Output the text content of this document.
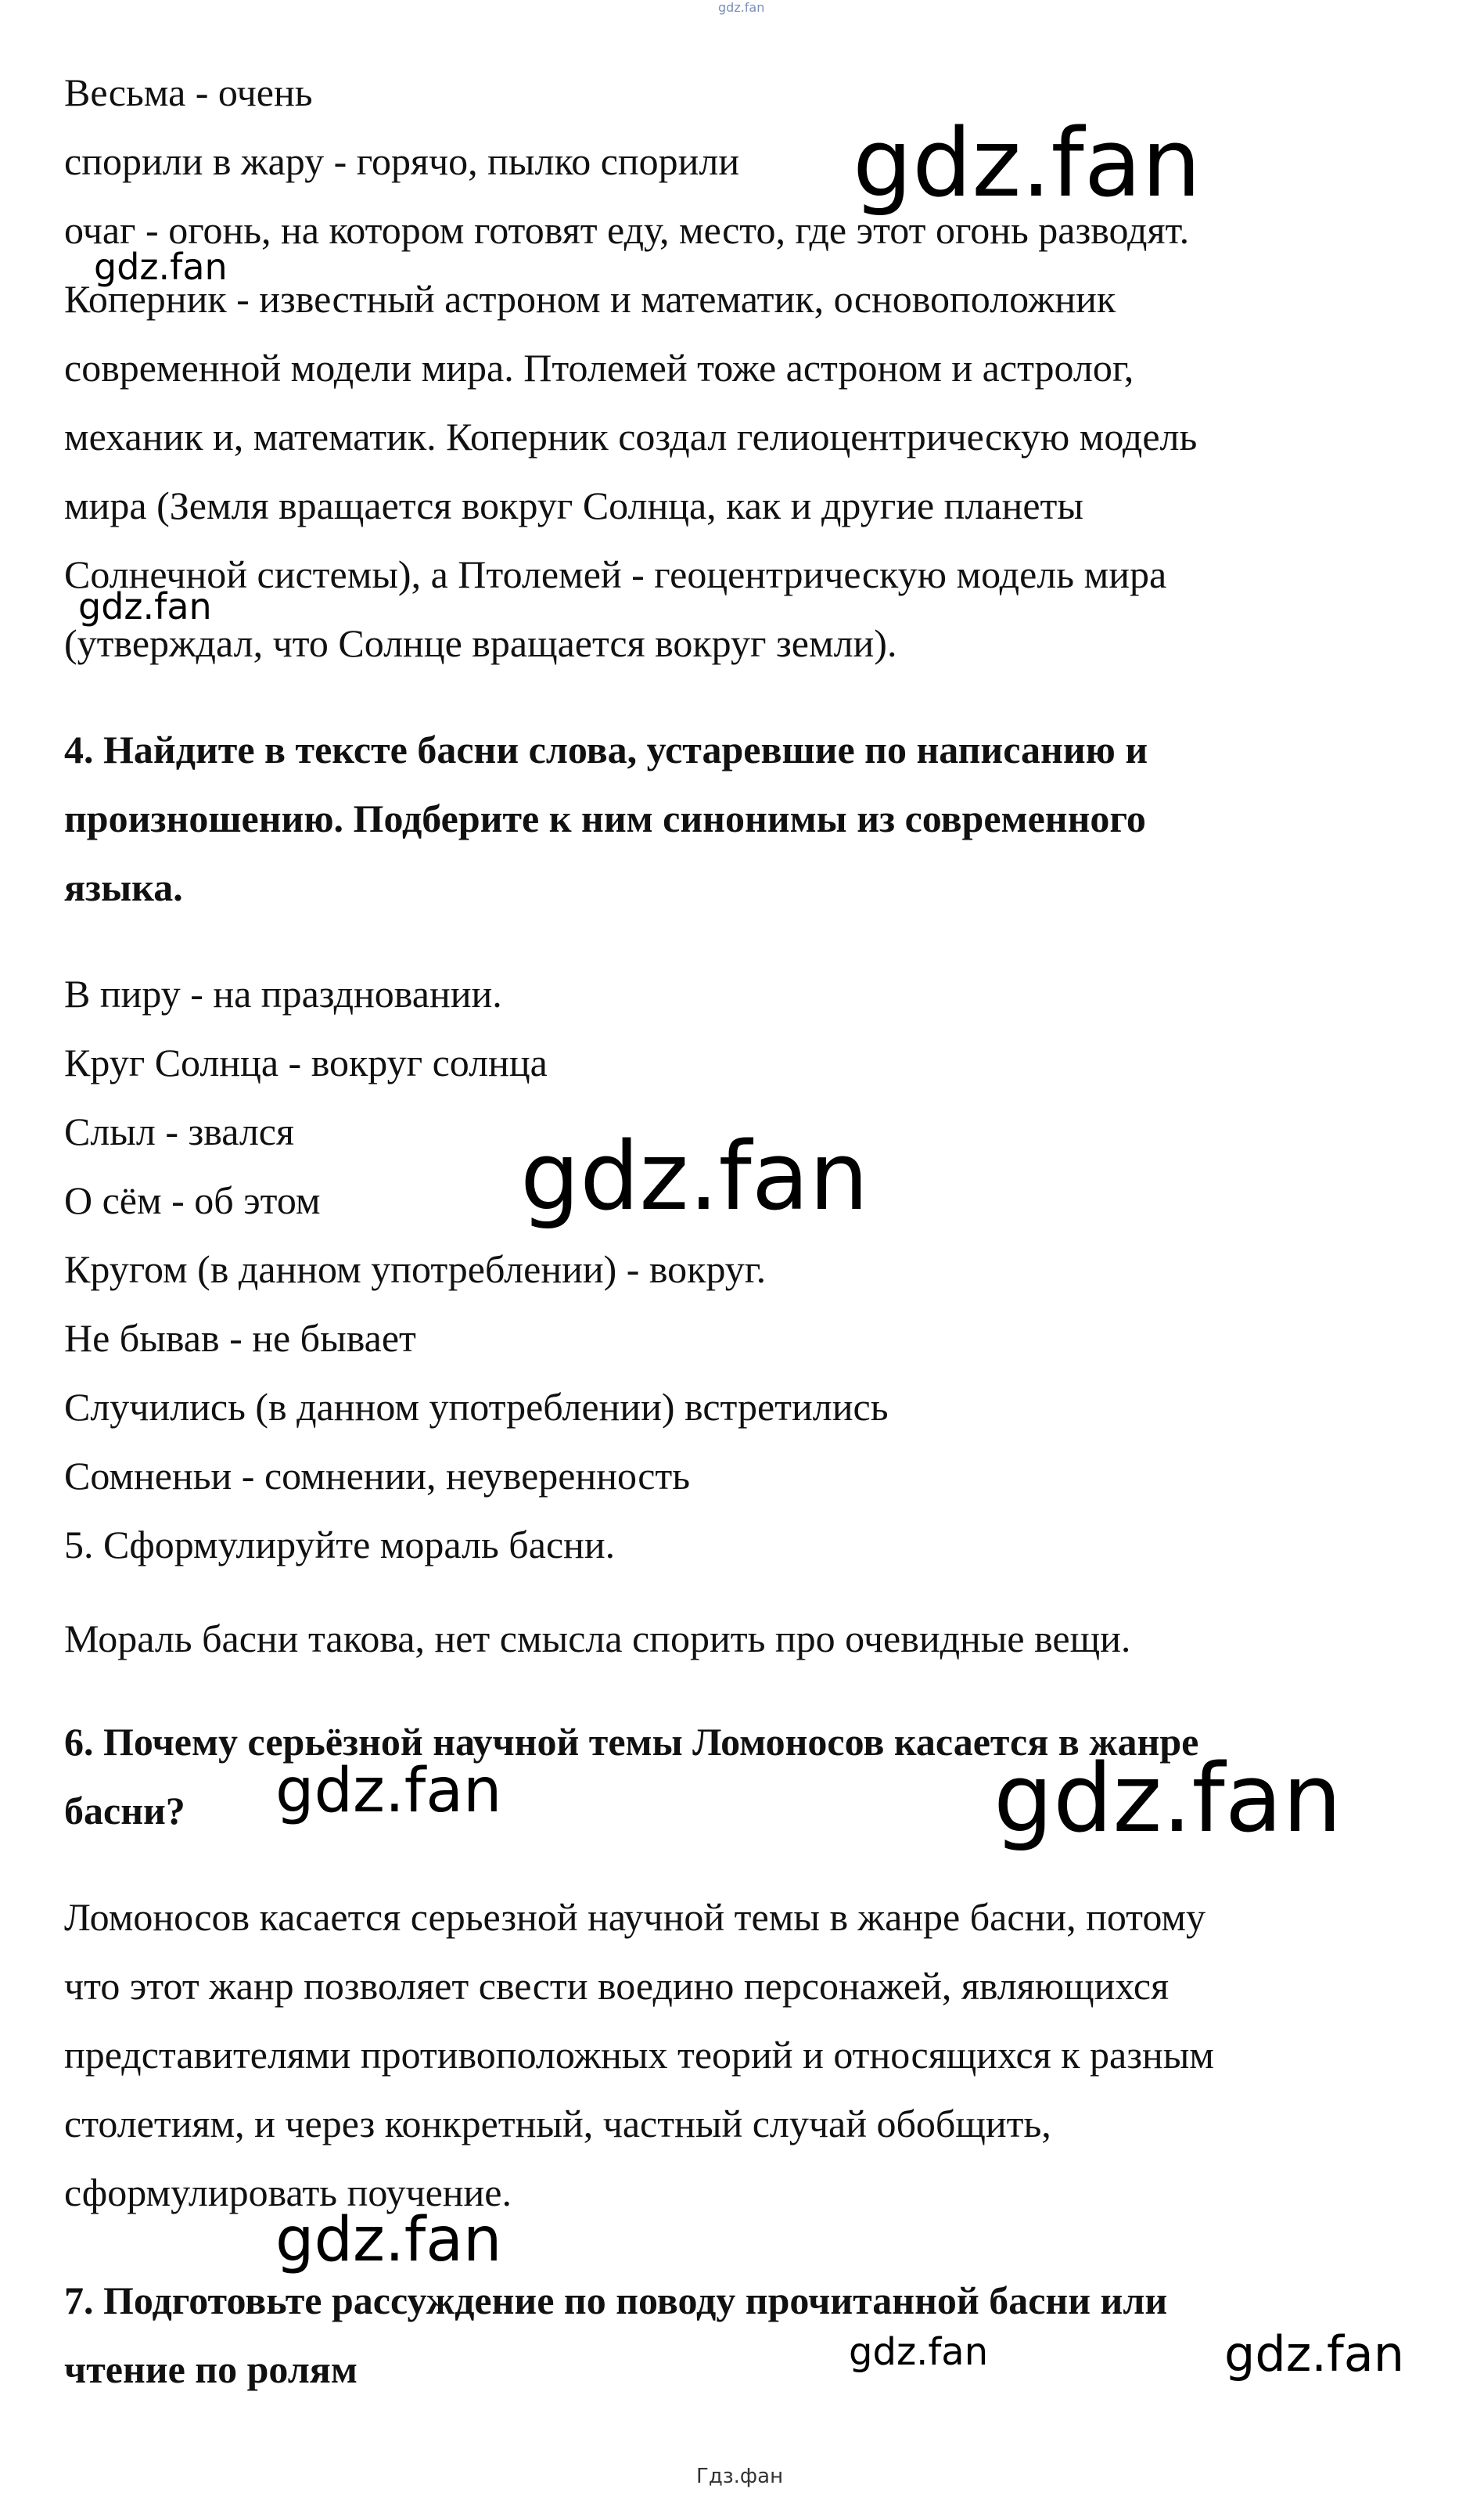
gdz.fan
Весьма - очень
спорили в жару - горячо, пылко спорили
очаг - огонь, на котором готовят еду, место, где этот огонь разводят.
Коперник - известный астроном и математик, основоположник
современной модели мира. Птолемей тоже астроном и астролог,
механик и, математик. Коперник создал гелиоцентрическую модель
мира (Земля вращается вокруг Солнца, как и другие планеты
Солнечной системы), а Птолемей - геоцентрическую модель мира
(утверждал, что Солнце вращается вокруг земли).
4. Найдите в тексте басни слова, устаревшие по написанию и
произношению. Подберите к ним синонимы из современного
языка.
В пиру - на праздновании.
Круг Солнца - вокруг солнца
Слыл - звался
О сём - об этом
Кругом (в данном употреблении) - вокруг.
Не бывав - не бывает
Случились (в данном употреблении) встретились
Сомненьи - сомнении, неуверенность
5. Сформулируйте мораль басни.
Мораль басни такова, нет смысла спорить про очевидные вещи.
6. Почему серьёзной научной темы Ломоносов касается в жанре
басни?
Ломоносов касается серьезной научной темы в жанре басни, потому
что этот жанр позволяет свести воедино персонажей, являющихся
представителями противоположных теорий и относящихся к разным
столетиям, и через конкретный, частный случай обобщить,
сформулировать поучение.
7. Подготовьте рассуждение по поводу прочитанной басни или
чтение по ролям
gdz.fan
gdz.fan
gdz.fan
gdz.fan
gdz.fan	gdz.fan
gdz.fan
gdz.fan	gdz.fan
Гдз.фан
